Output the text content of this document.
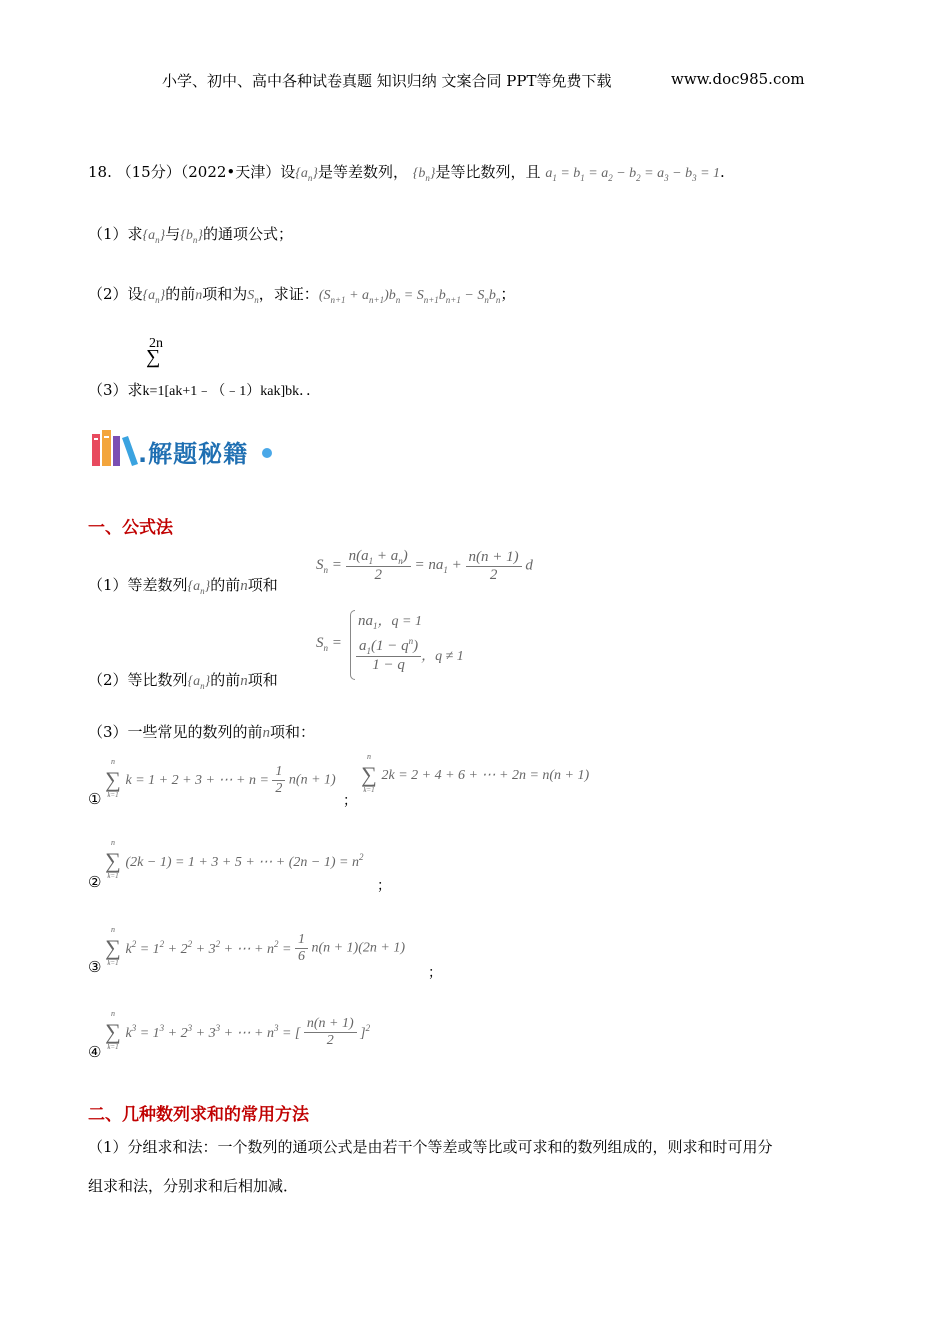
小学、初中、高中各种试卷真题 知识归纳 文案合同 PPT等免费下载	www.doc985.com
18. （15分）（2022•天津）设$\{a_n\}$是等差数列， $\{b_n\}$是等比数列，且 $a_1 = b_1 = a_2 - b_2 = a_3 - b_3 = 1$.
（1）求$\{a_n\}$与$\{b_n\}$的通项公式；
（2）设$\{a_n\}$的前n项和为$S_n$，求证：$(S_{n+1} + a_{n+1})b_n = S_{n+1}b_{n+1} - S_nb_n$；
2n
∑
（3）求k=1[ak+1﹣（﹣1）kak]bk．．
.解题秘籍
一、公式法
（1）等差数列$\{a_n\}$的前n项和
$S_n = \frac{n(a_1 + a_n)}{2} = na_1 + \frac{n(n + 1)}{2}$ d
（2）等比数列$\{a_n\}$的前n项和
$S_n$ =
$na_1$，q = 1
$\frac{a_1(1 - q^n)}{1 - q}$ ，q ≠ 1
（3）一些常见的数列的前n项和：
①
n
∑
k=1
k = 1 + 2 + 3 + ⋯ + $n = \frac{1}{2} n(n + 1)$
；
n
∑
k=1
2k = 2 + 4 + 6 + ⋯ + 2n = n(n + 1)
②
n
∑
k=1
(2k − 1) = 1 + 3 + 5 + ⋯ + $(2n - 1) = n^2$
；
③
n
∑
k=1
$k^2 = 1^2 + 2^2 + 3^2$ + ⋯ + $n^2 = \frac{1}{6} n(n + 1)(2n + 1)$
；
④
n
∑
k=1
$k^3 = 1^3 + 2^3 + 3^3$ + ⋯ + $n^3$ = [ $\frac{n(n + 1)}{2} ]^2$
二、几种数列求和的常用方法
（1）分组求和法：一个数列的通项公式是由若干个等差或等比或可求和的数列组成的，则求和时可用分
组求和法，分别求和后相加减．
